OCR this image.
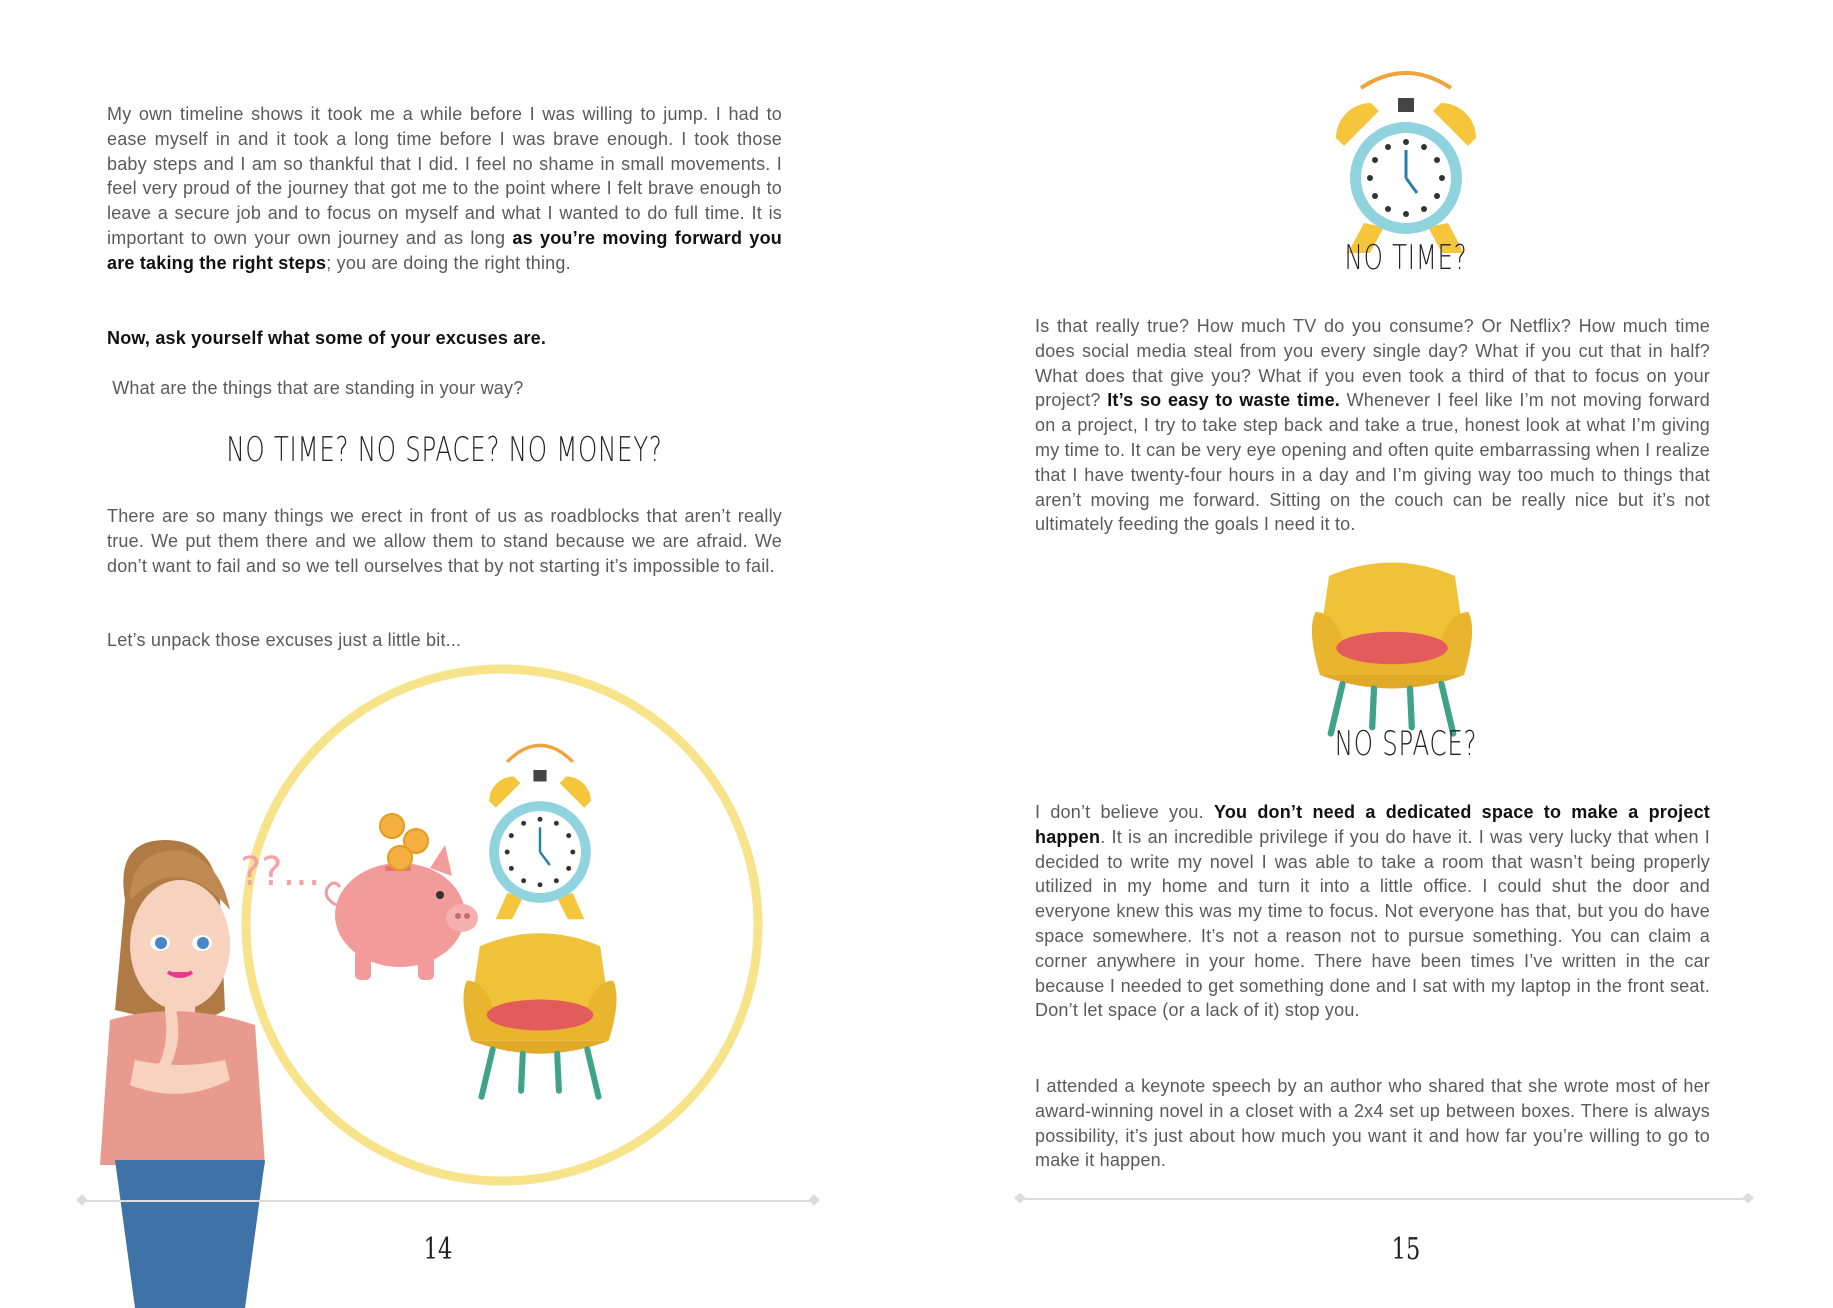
My own timeline shows it took me a while before I was willing to jump. I had to ease myself in and it took a long time before I was brave enough. I took those baby steps and I am so thankful that I did. I feel no shame in small movements. I feel very proud of the journey that got me to the point where I felt brave enough to leave a secure job and to focus on myself and what I wanted to do full time. It is important to own your own journey and as long as you’re moving forward you are taking the right steps; you are doing the right thing.

Now, ask yourself what some of your excuses are.

What are the things that are standing in your way?

NO TIME? NO SPACE? NO MONEY?

There are so many things we erect in front of us as roadblocks that aren’t really true. We put them there and we allow them to stand because we are afraid. We don’t want to fail and so we tell ourselves that by not starting it’s impossible to fail.

Let’s unpack those excuses just a little bit...

??...
14
NO TIME?

Is that really true? How much TV do you consume? Or Netflix? How much time does social media steal from you every single day? What if you cut that in half? What does that give you? What if you even took a third of that to focus on your project? It’s so easy to waste time. Whenever I feel like I’m not moving forward on a project, I try to take step back and take a true, honest look at what I’m giving my time to. It can be very eye opening and often quite embarrassing when I realize that I have twenty-four hours in a day and I’m giving way too much to things that aren’t moving me forward. Sitting on the couch can be really nice but it’s not ultimately feeding the goals I need it to.

NO SPACE?

I don’t believe you. You don’t need a dedicated space to make a project happen. It is an incredible privilege if you do have it. I was very lucky that when I decided to write my novel I was able to take a room that wasn’t being properly utilized in my home and turn it into a little office. I could shut the door and everyone knew this was my time to focus. Not everyone has that, but you do have space somewhere. It’s not a reason not to pursue something. You can claim a corner anywhere in your home. There have been times I’ve written in the car because I needed to get something done and I sat with my laptop in the front seat. Don’t let space (or a lack of it) stop you.

I attended a keynote speech by an author who shared that she wrote most of her award-winning novel in a closet with a 2x4 set up between boxes. There is always possibility, it’s just about how much you want it and how far you’re willing to go to make it happen.

15
